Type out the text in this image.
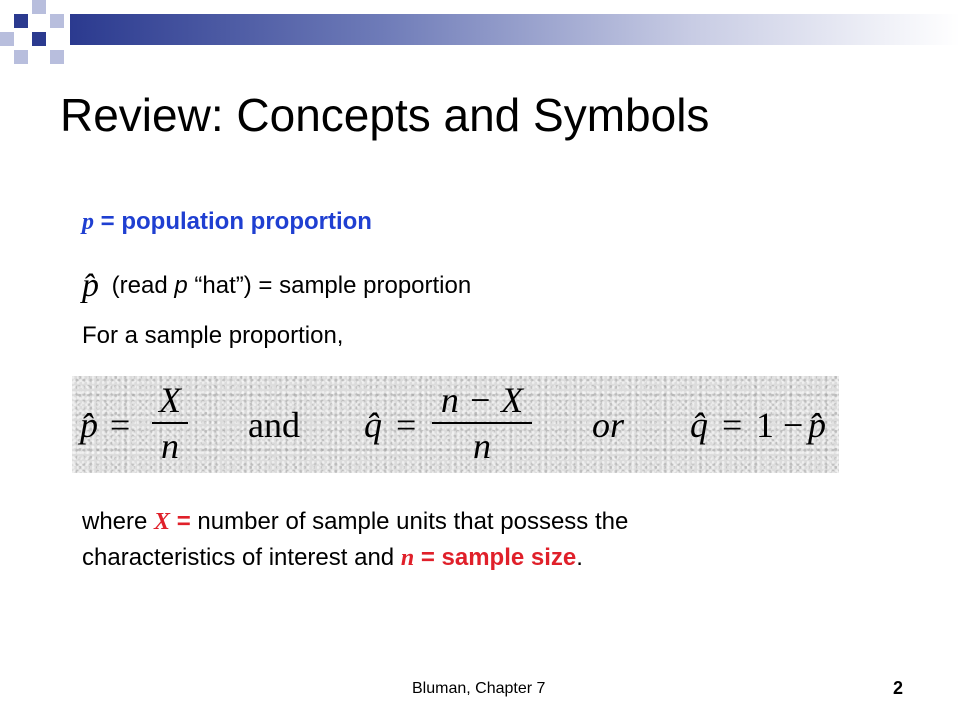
Review: Concepts and Symbols
p = population proportion
p̂ (read p “hat”) = sample proportion
For a sample proportion,
p̂ =
X
n
and q̂ =
n − X
n
or q̂ = 1 − p̂
where X = number of sample units that possess the
characteristics of interest and n = sample size.
Bluman, Chapter 7	2
